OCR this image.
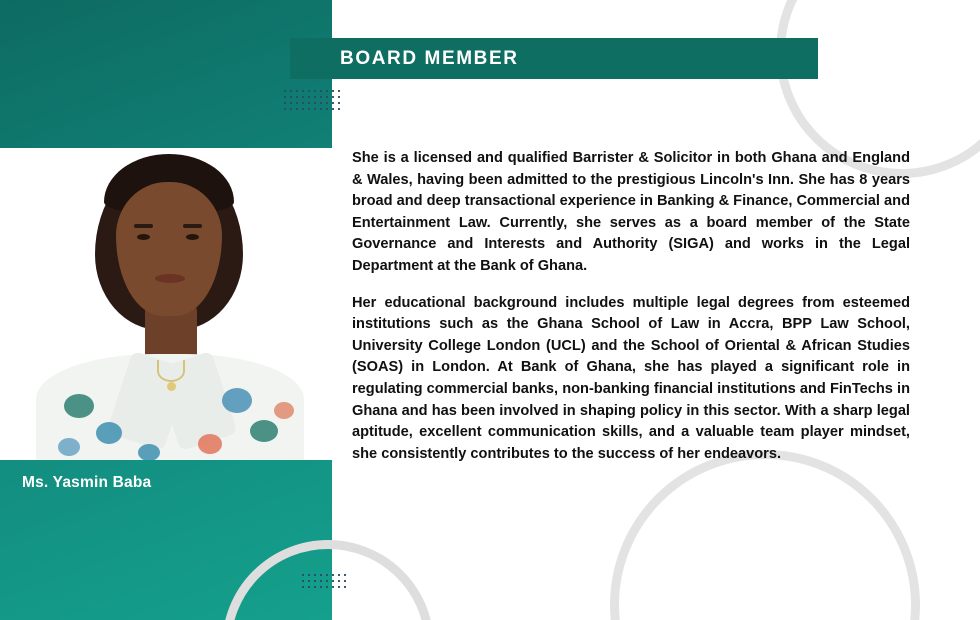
BOARD MEMBER
Ms. Yasmin Baba

She is a licensed and qualified Barrister & Solicitor in both Ghana and England & Wales, having been admitted to the prestigious Lincoln's Inn. She has 8 years broad and deep transactional experience in Banking & Finance, Commercial and Entertainment Law. Currently, she serves as a board member of the State Governance and Interests and Authority (SIGA) and works in the Legal Department at the Bank of Ghana.

Her educational background includes multiple legal degrees from esteemed institutions such as the Ghana School of Law in Accra, BPP Law School, University College London (UCL) and the School of Oriental & African Studies (SOAS) in London. At Bank of Ghana, she has played a significant role in regulating commercial banks, non-banking financial institutions and FinTechs in Ghana and has been involved in shaping policy in this sector. With a sharp legal aptitude, excellent communication skills, and a valuable team player mindset, she consistently contributes to the success of her endeavors.
